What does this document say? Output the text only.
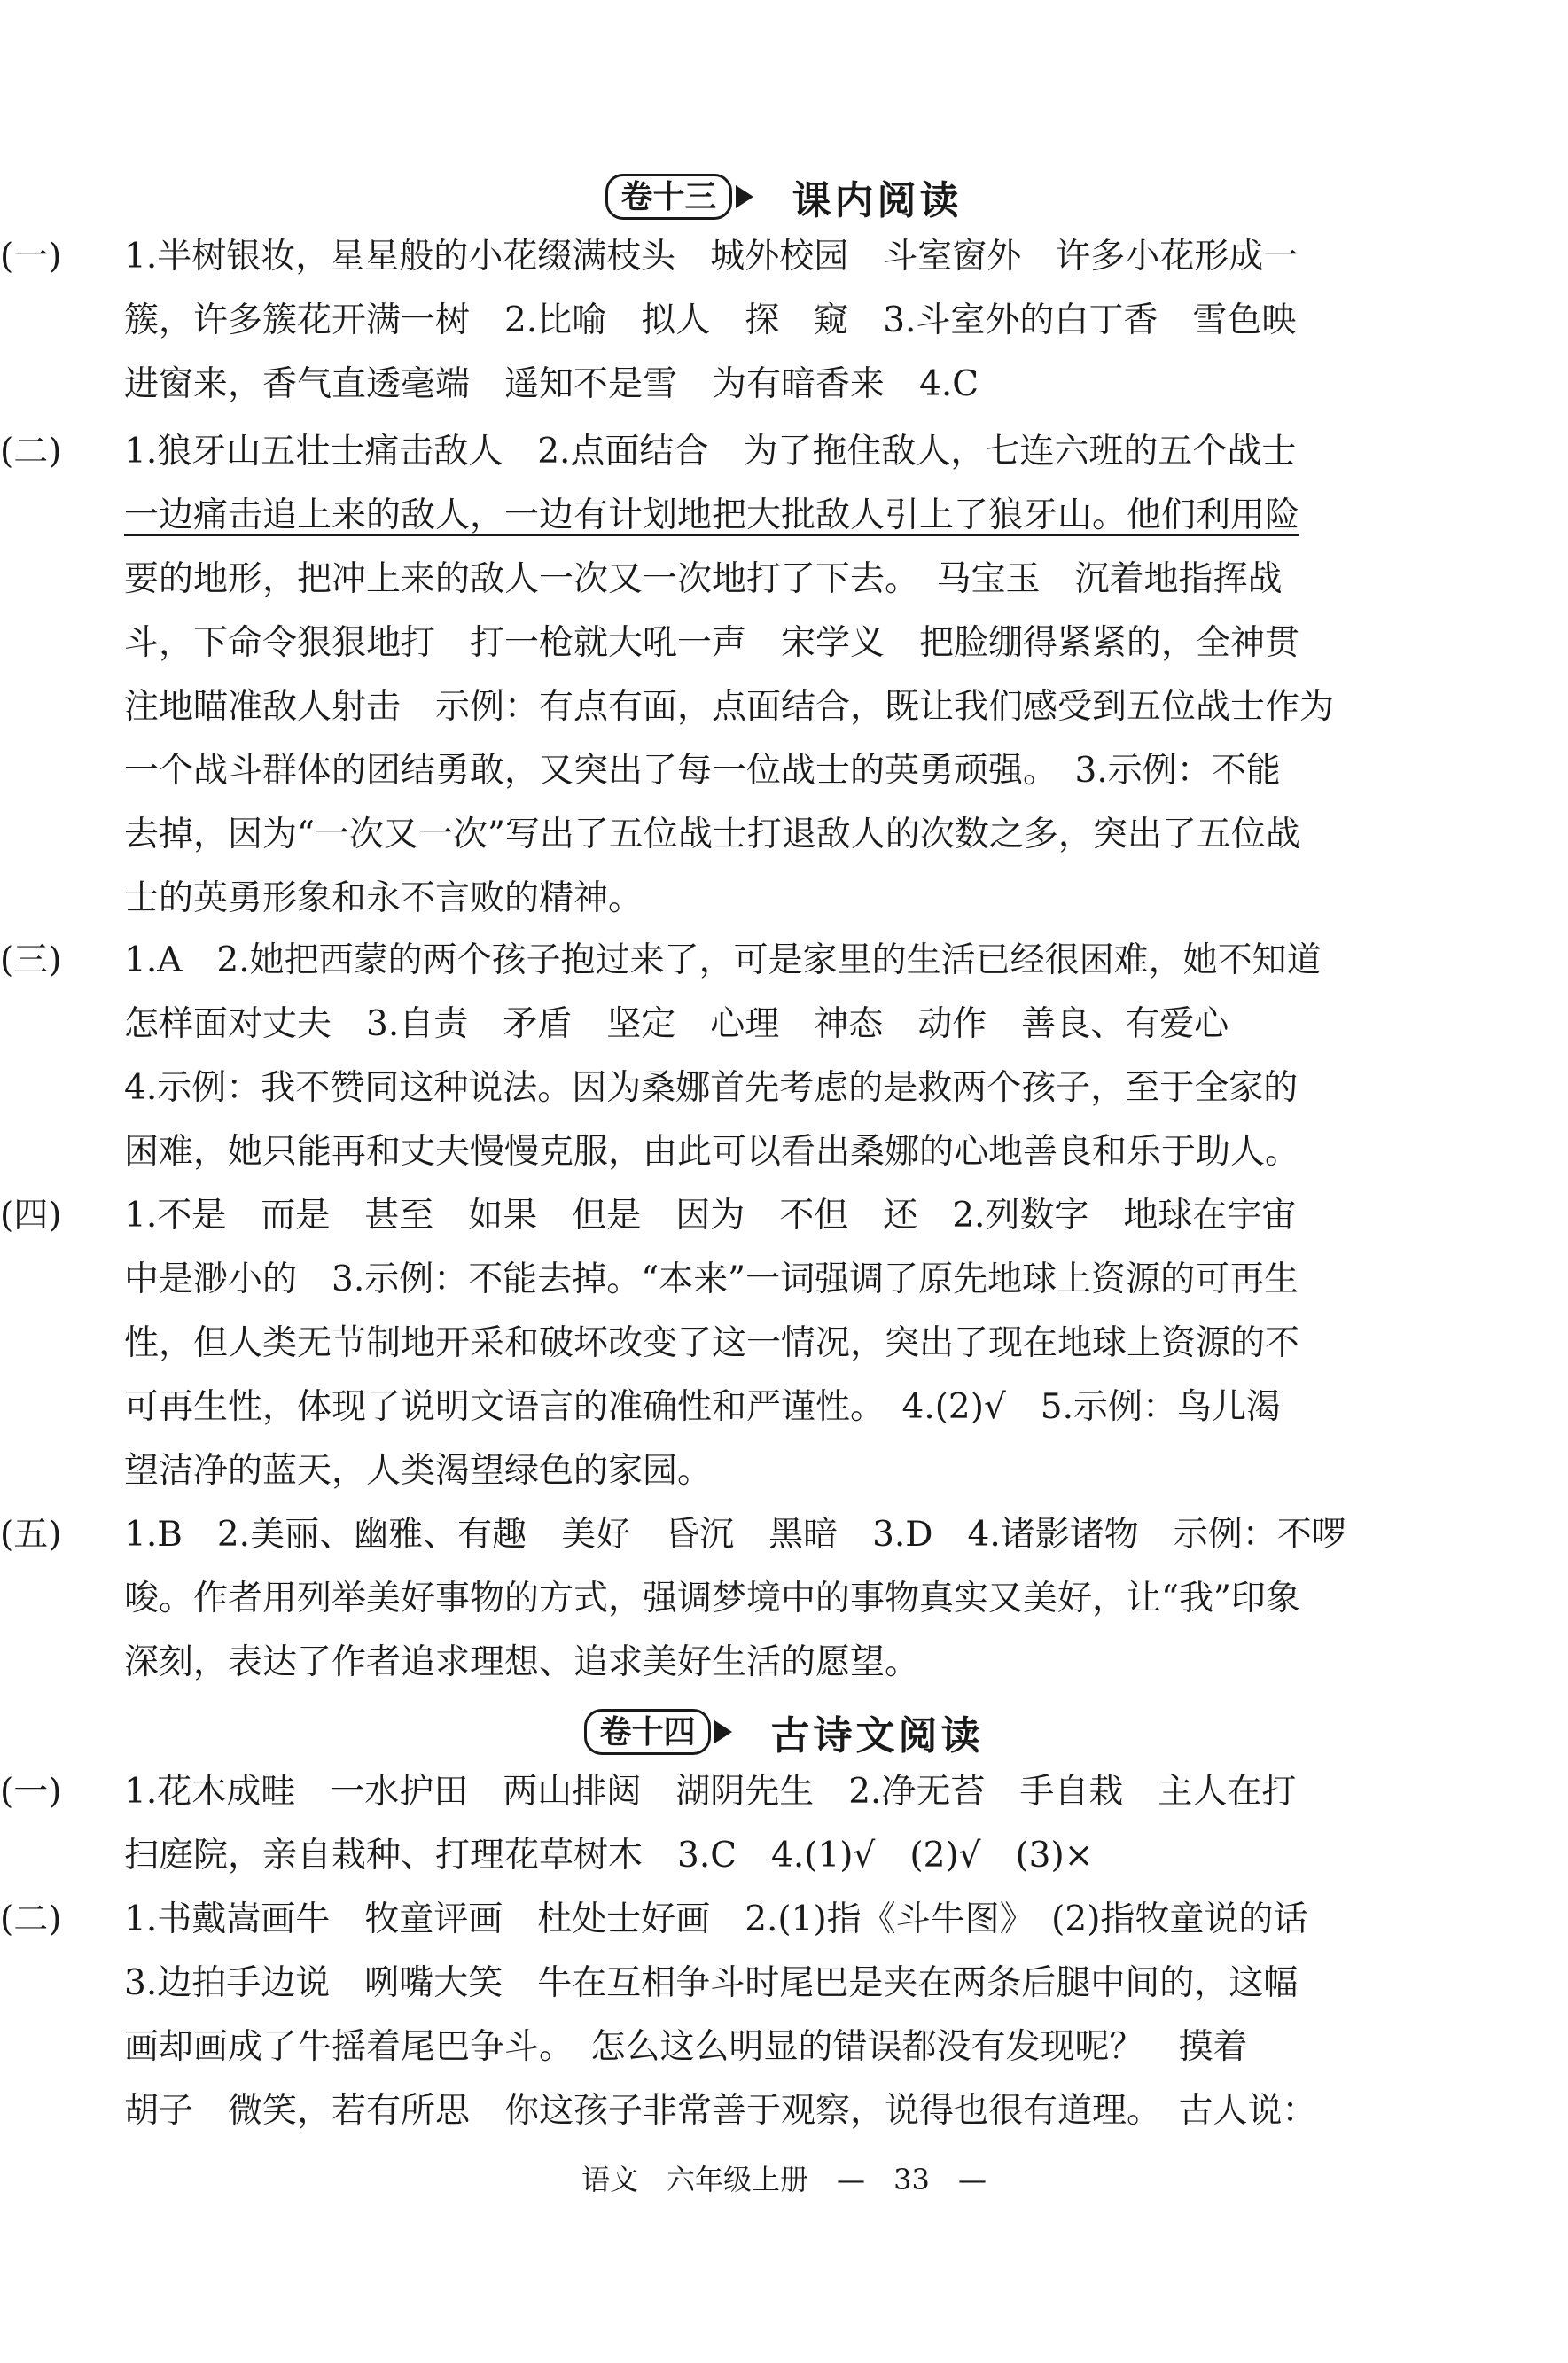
卷十三	课内阅读
(一) 1.半树银妆，星星般的小花缀满枝头　城外校园　斗室窗外　许多小花形成一
簇，许多簇花开满一树　2.比喻　拟人　探　窥　3.斗室外的白丁香　雪色映
进窗来，香气直透毫端　遥知不是雪　为有暗香来　4.C
(二) 1.狼牙山五壮士痛击敌人　2.点面结合　为了拖住敌人，七连六班的五个战士
一边痛击追上来的敌人，一边有计划地把大批敌人引上了狼牙山。他们利用险
要的地形，把冲上来的敌人一次又一次地打了下去。　马宝玉　沉着地指挥战
斗，下命令狠狠地打　打一枪就大吼一声　宋学义　把脸绷得紧紧的，全神贯
注地瞄准敌人射击　示例：有点有面，点面结合，既让我们感受到五位战士作为
一个战斗群体的团结勇敢，又突出了每一位战士的英勇顽强。　3.示例：不能
去掉，因为“一次又一次”写出了五位战士打退敌人的次数之多，突出了五位战
士的英勇形象和永不言败的精神。
(三) 1.A　2.她把西蒙的两个孩子抱过来了，可是家里的生活已经很困难，她不知道
怎样面对丈夫　3.自责　矛盾　坚定　心理　神态　动作　善良、有爱心
4.示例：我不赞同这种说法。因为桑娜首先考虑的是救两个孩子，至于全家的
困难，她只能再和丈夫慢慢克服，由此可以看出桑娜的心地善良和乐于助人。
(四) 1.不是　而是　甚至　如果　但是　因为　不但　还　2.列数字　地球在宇宙
中是渺小的　3.示例：不能去掉。“本来”一词强调了原先地球上资源的可再生
性，但人类无节制地开采和破坏改变了这一情况，突出了现在地球上资源的不
可再生性，体现了说明文语言的准确性和严谨性。　4.(2)√　5.示例：鸟儿渴
望洁净的蓝天，人类渴望绿色的家园。
(五) 1.B　2.美丽、幽雅、有趣　美好　昏沉　黑暗　3.D　4.诸影诸物　示例：不啰
唆。作者用列举美好事物的方式，强调梦境中的事物真实又美好，让“我”印象
深刻，表达了作者追求理想、追求美好生活的愿望。
卷十四	古诗文阅读
(一) 1.花木成畦　一水护田　两山排闼　湖阴先生　2.净无苔　手自栽　主人在打
扫庭院，亲自栽种、打理花草树木　3.C　4.(1)√　(2)√　(3)×
(二) 1.书戴嵩画牛　牧童评画　杜处士好画　2.(1)指《斗牛图》　(2)指牧童说的话
3.边拍手边说　咧嘴大笑　牛在互相争斗时尾巴是夹在两条后腿中间的，这幅
画却画成了牛摇着尾巴争斗。　怎么这么明显的错误都没有发现呢？　摸着
胡子　微笑，若有所思　你这孩子非常善于观察，说得也很有道理。　古人说：
语文　六年级上册　— 33 —
